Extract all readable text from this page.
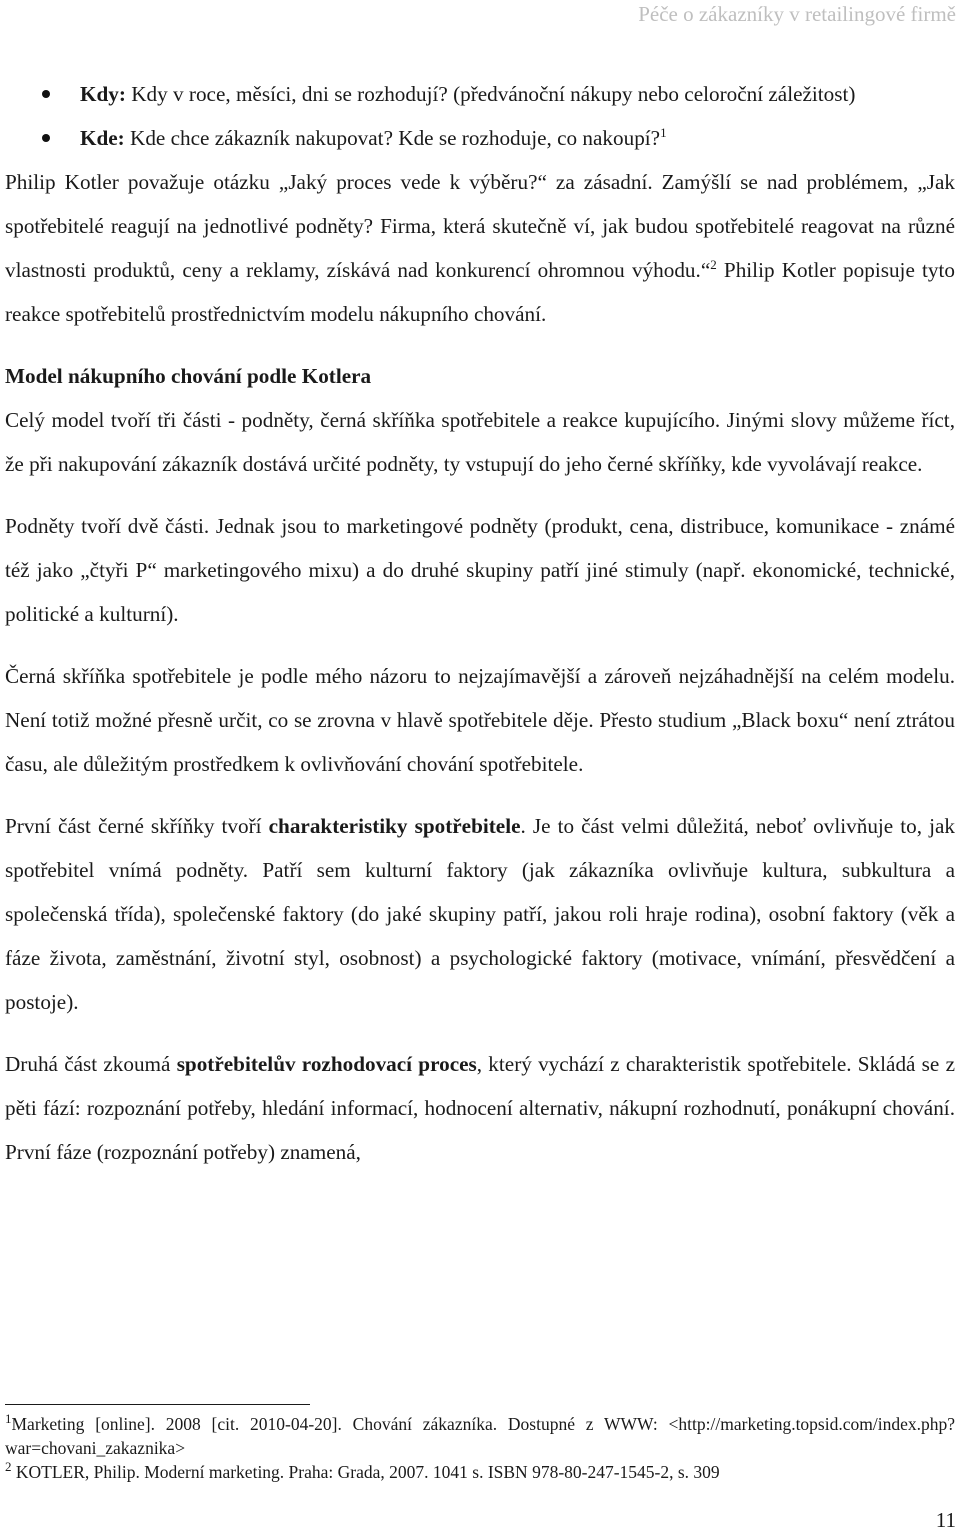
Péče o zákazníky v retailingové firmě
Kdy: Kdy v roce, měsíci, dni se rozhodují? (předvánoční nákupy nebo celoroční záležitost)
Kde: Kde chce zákazník nakupovat? Kde se rozhoduje, co nakoupí?$^1$

Philip Kotler považuje otázku „Jaký proces vede k výběru?“ za zásadní. Zamýšlí se nad problémem, „Jak spotřebitelé reagují na jednotlivé podněty? Firma, která skutečně ví, jak budou spotřebitelé reagovat na různé vlastnosti produktů, ceny a reklamy, získává nad konkurencí ohromnou výhodu.“$^2$ Philip Kotler popisuje tyto reakce spotřebitelů prostřednictvím modelu nákupního chování.

Model nákupního chování podle Kotlera

Celý model tvoří tři části - podněty, černá skříňka spotřebitele a reakce kupujícího. Jinými slovy můžeme říct, že při nakupování zákazník dostává určité podněty, ty vstupují do jeho černé skříňky, kde vyvolávají reakce.

Podněty tvoří dvě části. Jednak jsou to marketingové podněty (produkt, cena, distribuce, komunikace - známé též jako „čtyři P“ marketingového mixu) a do druhé skupiny patří jiné stimuly (např. ekonomické, technické, politické a kulturní).

Černá skříňka spotřebitele je podle mého názoru to nejzajímavější a zároveň nejzáhadnější na celém modelu. Není totiž možné přesně určit, co se zrovna v hlavě spotřebitele děje. Přesto studium „Black boxu“ není ztrátou času, ale důležitým prostředkem k ovlivňování chování spotřebitele.

První část černé skříňky tvoří charakteristiky spotřebitele. Je to část velmi důležitá, neboť ovlivňuje to, jak spotřebitel vnímá podněty. Patří sem kulturní faktory (jak zákazníka ovlivňuje kultura, subkultura a společenská třída), společenské faktory (do jaké skupiny patří, jakou roli hraje rodina), osobní faktory (věk a fáze života, zaměstnání, životní styl, osobnost) a psychologické faktory (motivace, vnímání, přesvědčení a postoje).

Druhá část zkoumá spotřebitelův rozhodovací proces, který vychází z charakteristik spotřebitele. Skládá se z pěti fází: rozpoznání potřeby, hledání informací, hodnocení alternativ, nákupní rozhodnutí, ponákupní chování. První fáze (rozpoznání potřeby) znamená,

$^1$Marketing [online]. 2008 [cit. 2010-04-20]. Chování zákazníka. Dostupné z WWW: <http://marketing.topsid.com/index.php?war=chovani_zakaznika>

$^2$ KOTLER, Philip. Moderní marketing. Praha: Grada, 2007. 1041 s. ISBN 978-80-247-1545-2, s. 309

11
